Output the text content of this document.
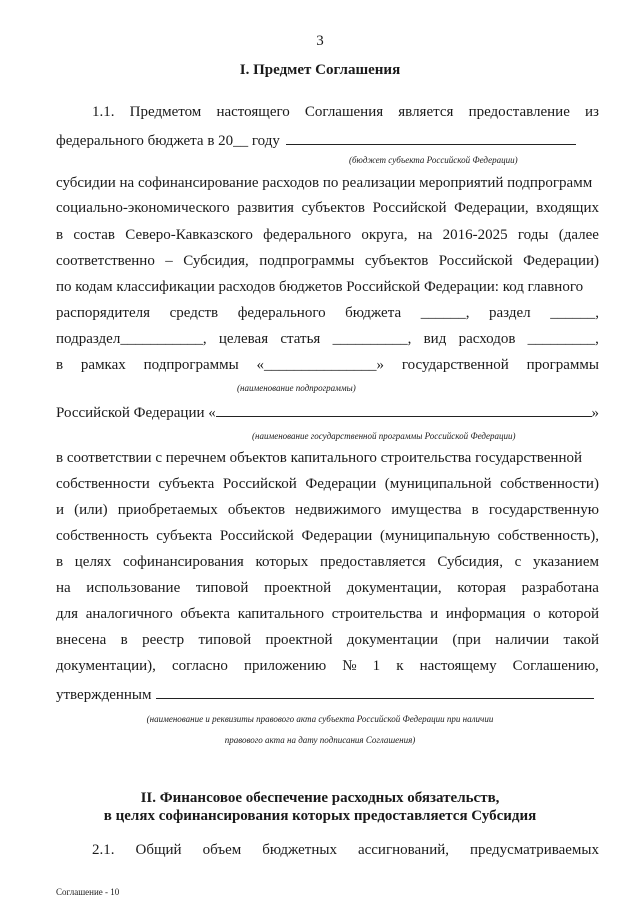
3
I. Предмет Соглашения
1.1. Предметом настоящего Соглашения является предоставление из
федерального бюджета в 20__ году
(бюджет субъекта Российской Федерации)
субсидии на софинансирование расходов по реализации мероприятий подпрограмм
социально-экономического развития субъектов Российской Федерации, входящих
в состав Северо-Кавказского федерального округа, на 2016-2025 годы (далее
соответственно – Субсидия, подпрограммы субъектов Российской Федерации)
по кодам классификации расходов бюджетов Российской Федерации: код главного
распорядителя средств федерального бюджета ______, раздел ______,
подраздел___________, целевая статья __________, вид расходов _________,
в рамках подпрограммы «_______________» государственной программы
(наименование подпрограммы)
Российской Федерации «	»
(наименование государственной программы Российской Федерации)
в соответствии с перечнем объектов капитального строительства государственной
собственности субъекта Российской Федерации (муниципальной собственности)
и (или) приобретаемых объектов недвижимого имущества в государственную
собственность субъекта Российской Федерации (муниципальную собственность),
в целях софинансирования которых предоставляется Субсидия, с указанием
на использование типовой проектной документации, которая разработана
для аналогичного объекта капитального строительства и информация о которой
внесена в реестр типовой проектной документации (при наличии такой
документации), согласно приложению № 1 к настоящему Соглашению,
утвержденным
(наименование и реквизиты правового акта субъекта Российской Федерации при наличии
правового акта на дату подписания Соглашения)
II. Финансовое обеспечение расходных обязательств,
в целях софинансирования которых предоставляется Субсидия
2.1. Общий объем бюджетных ассигнований, предусматриваемых
Соглашение - 10
